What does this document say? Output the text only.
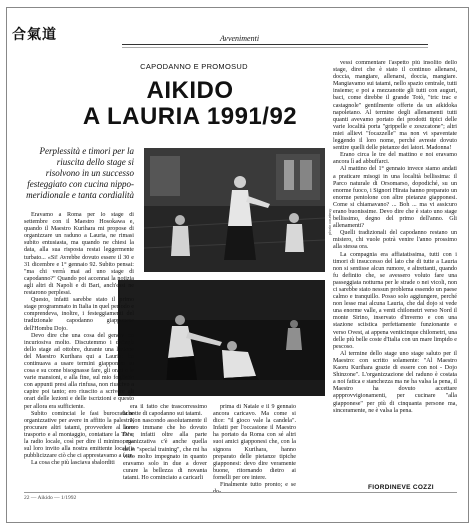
合氣道	Avvenimenti
CAPODANNO E PROMOSUD
AIKIDO
A LAURIA 1991/92
Perplessità e timori per la riuscita dello stage si risolvono in un successo festeggiato con cucina nippo-meridionale e tanta cordialità
photo courtesy

Eravamo a Roma per lo stage di settembre con il Maestro Hosokawa e, quando il Maestro Kurihara mi propose di organizzare un raduno a Lauria, ne rimasi subito entusiasta, ma quando ne chiesi la data, alla sua risposta restai leggermente turbato... «Si! Avrebbe dovuto essere il 30 e 31 dicembre e 1° gennaio 92. Subito pensai: "ma chi verrà mai ad uno stage di capodanno?" Quando poi accennai la notizia agli altri di Napoli e di Bari, anch'essi ne restarono perplessi.

Questo, infatti sarebbe stato il primo stage programmato in Italia in quel periodo e comprendeva, inoltre, i festeggiamenti del tradizionale capodanno giapponese dell'Hombu Dojo.

Devo dire che una cosa del genere mi incuriosiva molto. Discutemmo i dettagli dello stage ad ottobre, durante una lezione del Maestro Kurihara qui a Lauria: lui continuava a usare termini giapponesi su cosa e su come bisognasse fare, gli orari e le varie mansioni, e alla fine, sul mio foglietto con appunti presi alla rinfusa, non riuscivo a capire poi tanto; ero riuscito a scrivere gli orari delle lezioni e delle iscrizioni e questo per allora era sufficiente.

Subito cominciai le fasi burocratiche organizzative per avere in affitto la palestra, procurare altri tatami, provvedere al loro trasporto e al montaggio, contattare la TV e la radio locale, così per dire il minimo; ma sul loro invito alla nostra emittente locale a pubblicizzare ciò che ci apprestavamo a fare.

La cosa che più lasciava sbalorditi

era il fatto che trascorressimo la notte di capodanno sui tatami.

Non nascondo assolutamente il lavoro immane che ho dovuto fare, infatti oltre alla parte organizzativa c'è anche quella dello "special training", che mi ha visto molto impegnato in quanto eravamo solo in due a dover curare la bellezza di novanta tatami. Ho cominciato a caricarli

prima di Natale e il 9 gennaio ancora caricavo. Ma come si dice: "il gioco vale la candela". Infatti per l'occasione il Maestro ha portato da Roma con sé altri suoi amici giapponesi che, con la signora Kurihara, hanno preparato delle pietanze tipiche giapponesi: devo dire veramente buone, ritornando dietro ai fornelli per ore intere.

Finalmente tutto pronto; e se do-

vessi commentare l'aspetto più insolito dello stage, direi che è stato il continuo allenarsi, doccia, mangiare, allenarsi, doccia, mangiare. Mangiavamo sui tatami, nello spazio centrale, tutti insieme; e poi a mezzanotte gli tutti con auguri, baci, come direbbe il grande Totò, "tric trac e castagnole" gentilmente offerte da un aikidoka napoletano. Al termine degli allenamenti tutti quanti avevamo portato dei prodotti tipici delle varie località porta "grippelle e zeszcatone"; altri miei allievi "focazzelle" ma non vi spaventate leggendo il loro nome, perché avreste dovuto sentire quelli delle pietanze dei latori. Madonna!

Erano circa le tre del mattino e noi eravamo ancora lì ad abbuffarci.

Al mattino del 1° gennaio invece siamo andati a praticare misogi in una località bellissima: il Parco naturale di Orsomarso, dopodiché, su un enorme fuoco, i Signori Hirata hanno preparato un enorme pentolone con altre pietanze giapponesi. Come si chiamavano? ... Boh ... ma vi assicuro erano buonissime. Devo dire che è stato uno stage bellissimo, degno del primo dell'anno. Gli allenamenti?

Quelli tradizionali del capodanno restano un mistero, chi vuole potrà venire l'anno prossimo alla stessa ora.

La compagnia era affiatatissima, tutti con i timori di insuccesso del lato che di tutte a Lauria non si sentisse alcun rumore, e altrettanti, quando fu definito che, se avessero voluto fare una passeggiata notturna per le strade o nei vicoli, non ci sarebbe stato nessun problema essendo un paese calmo e tranquillo. Posso solo aggiungere, perché non lesse mai alcuna Lauria, che dal dojo si vede una enorme valle, a venti chilometri verso Nord il monte Sirino, inservato d'inverno e con una stazione sciistica perfettamente funzionante e verso Ovest, ai appena venticinque chilometri, una delle più belle coste d'Italia con un mare limpido e pescoso.

Al termine dello stage uno stage saluto per il Maestro: con scritto solamente: "Al Maestro Kaoru Kurihara grazie di essere con noi - Dojo Shinzone". L'organizzazione del raduno è costata a noi fatica e stanchezza ma ne ha valsa la pena, il Maestro ha dovuto accettare appprovvigionamenti, per cucinare "alla giapponese" per più di cinquanta persone ma, sinceramente, ne è valsa la pena.

FIORDINEVE COZZI
22 — Aikido — 1/1992
